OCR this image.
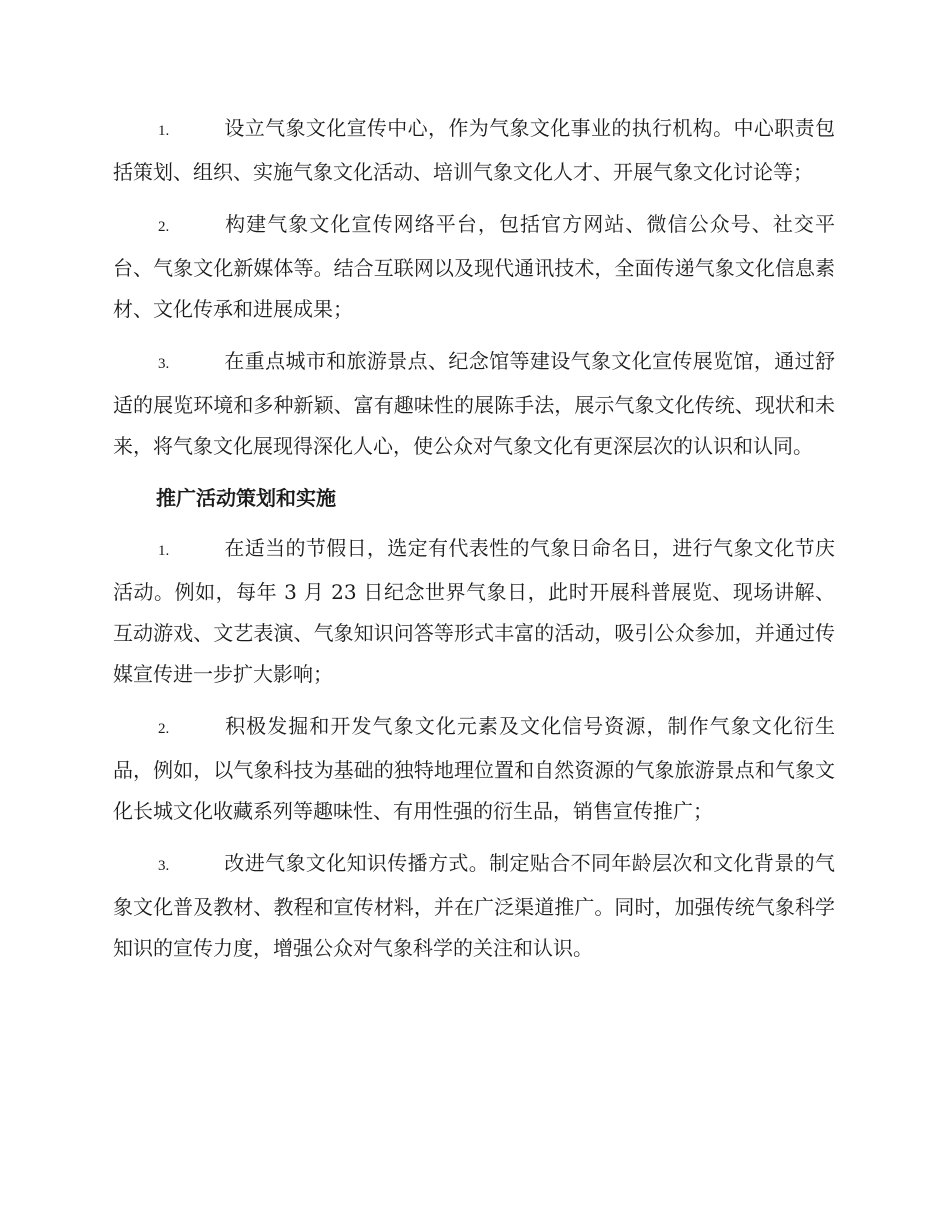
1.	设立气象文化宣传中心，作为气象文化事业的执行机构。中心职责包括策划、组织、实施气象文化活动、培训气象文化人才、开展气象文化讨论等；

2.	构建气象文化宣传网络平台，包括官方网站、微信公众号、社交平台、气象文化新媒体等。结合互联网以及现代通讯技术，全面传递气象文化信息素材、文化传承和进展成果；

3.	在重点城市和旅游景点、纪念馆等建设气象文化宣传展览馆，通过舒适的展览环境和多种新颖、富有趣味性的展陈手法，展示气象文化传统、现状和未来，将气象文化展现得深化人心，使公众对气象文化有更深层次的认识和认同。

推广活动策划和实施

1.	在适当的节假日，选定有代表性的气象日命名日，进行气象文化节庆活动。例如，每年 3 月 23 日纪念世界气象日，此时开展科普展览、现场讲解、互动游戏、文艺表演、气象知识问答等形式丰富的活动，吸引公众参加，并通过传媒宣传进一步扩大影响；

2.	积极发掘和开发气象文化元素及文化信号资源，制作气象文化衍生品，例如，以气象科技为基础的独特地理位置和自然资源的气象旅游景点和气象文化长城文化收藏系列等趣味性、有用性强的衍生品，销售宣传推广；

3.	改进气象文化知识传播方式。制定贴合不同年龄层次和文化背景的气象文化普及教材、教程和宣传材料，并在广泛渠道推广。同时，加强传统气象科学知识的宣传力度，增强公众对气象科学的关注和认识。
